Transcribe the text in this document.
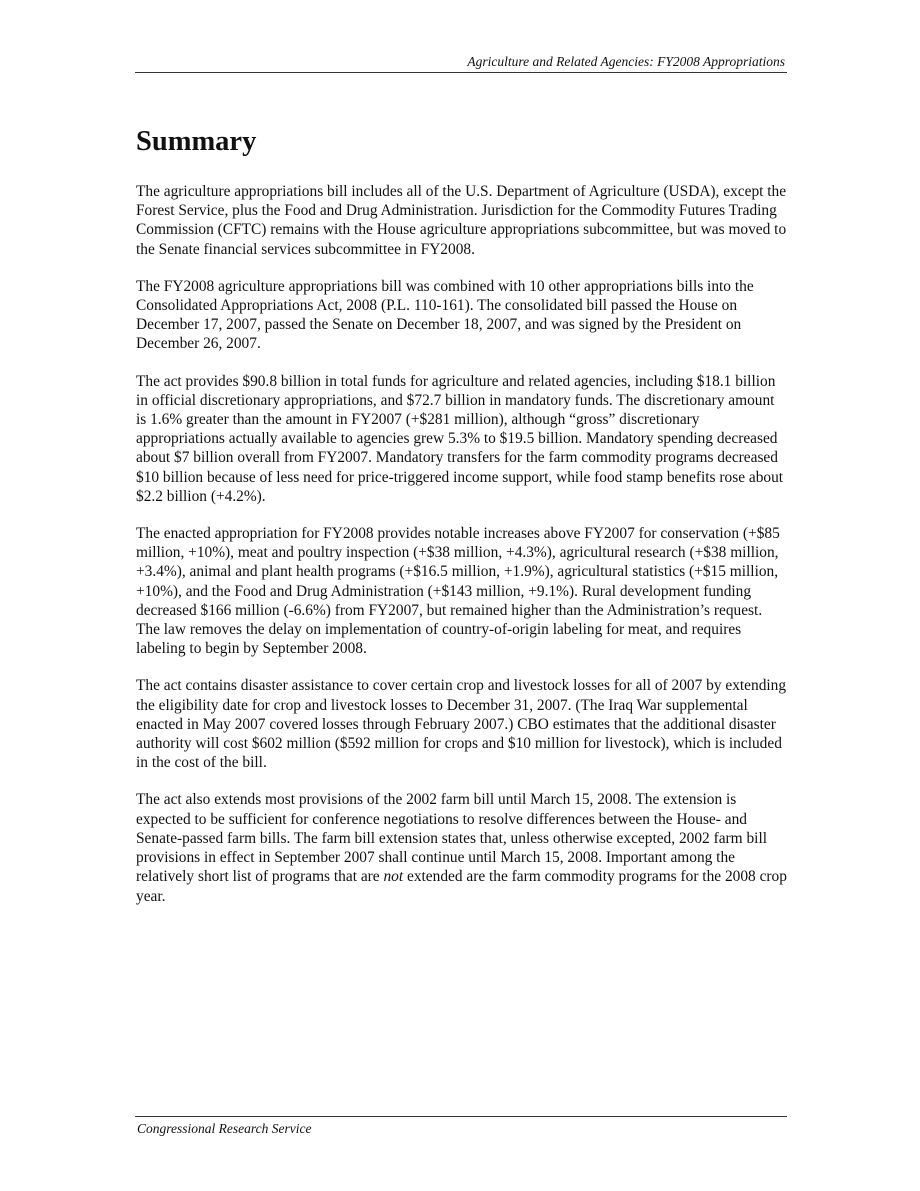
Agriculture and Related Agencies: FY2008 Appropriations
Summary

The agriculture appropriations bill includes all of the U.S. Department of Agriculture (USDA), except the Forest Service, plus the Food and Drug Administration. Jurisdiction for the Commodity Futures Trading Commission (CFTC) remains with the House agriculture appropriations subcommittee, but was moved to the Senate financial services subcommittee in FY2008.

The FY2008 agriculture appropriations bill was combined with 10 other appropriations bills into the Consolidated Appropriations Act, 2008 (P.L. 110-161). The consolidated bill passed the House on December 17, 2007, passed the Senate on December 18, 2007, and was signed by the President on December 26, 2007.

The act provides $90.8 billion in total funds for agriculture and related agencies, including $18.1 billion in official discretionary appropriations, and $72.7 billion in mandatory funds. The discretionary amount is 1.6% greater than the amount in FY2007 (+$281 million), although “gross” discretionary appropriations actually available to agencies grew 5.3% to $19.5 billion. Mandatory spending decreased about $7 billion overall from FY2007. Mandatory transfers for the farm commodity programs decreased $10 billion because of less need for price-triggered income support, while food stamp benefits rose about $2.2 billion (+4.2%).

The enacted appropriation for FY2008 provides notable increases above FY2007 for conservation (+$85 million, +10%), meat and poultry inspection (+$38 million, +4.3%), agricultural research (+$38 million, +3.4%), animal and plant health programs (+$16.5 million, +1.9%), agricultural statistics (+$15 million, +10%), and the Food and Drug Administration (+$143 million, +9.1%). Rural development funding decreased $166 million (-6.6%) from FY2007, but remained higher than the Administration’s request. The law removes the delay on implementation of country-of-origin labeling for meat, and requires labeling to begin by September 2008.

The act contains disaster assistance to cover certain crop and livestock losses for all of 2007 by extending the eligibility date for crop and livestock losses to December 31, 2007. (The Iraq War supplemental enacted in May 2007 covered losses through February 2007.) CBO estimates that the additional disaster authority will cost $602 million ($592 million for crops and $10 million for livestock), which is included in the cost of the bill.

The act also extends most provisions of the 2002 farm bill until March 15, 2008. The extension is expected to be sufficient for conference negotiations to resolve differences between the House- and Senate-passed farm bills. The farm bill extension states that, unless otherwise excepted, 2002 farm bill provisions in effect in September 2007 shall continue until March 15, 2008. Important among the relatively short list of programs that are not extended are the farm commodity programs for the 2008 crop year.

Congressional Research Service
